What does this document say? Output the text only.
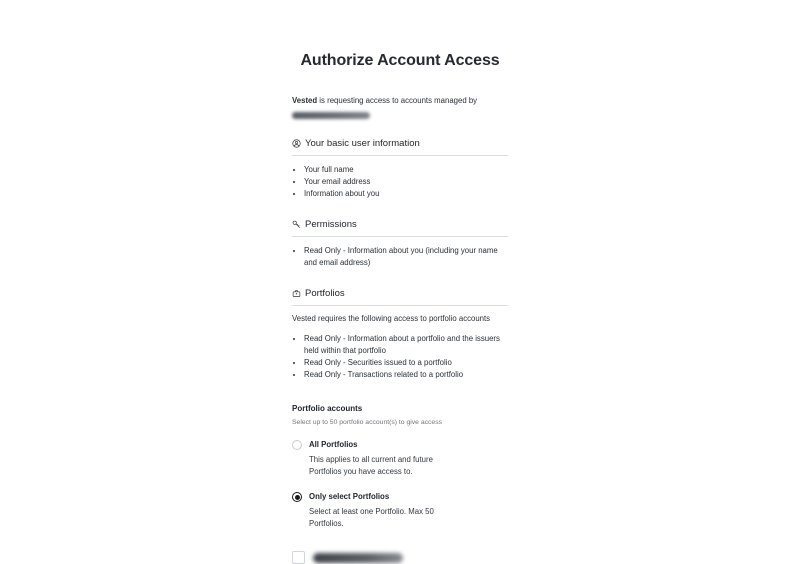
Authorize Account Access
Vested is requesting access to accounts managed by
Your basic user information
• Your full name
• Your email address
• Information about you
Permissions
• Read Only - Information about you (including your name and email address)
Portfolios
Vested requires the following access to portfolio accounts
• Read Only - Information about a portfolio and the issuers held within that portfolio
• Read Only - Securities issued to a portfolio
• Read Only - Transactions related to a portfolio
Portfolio accounts
Select up to 50 portfolio account(s) to give access
All Portfolios
This applies to all current and future Portfolios you have access to.
Only select Portfolios
Select at least one Portfolio. Max 50 Portfolios.
